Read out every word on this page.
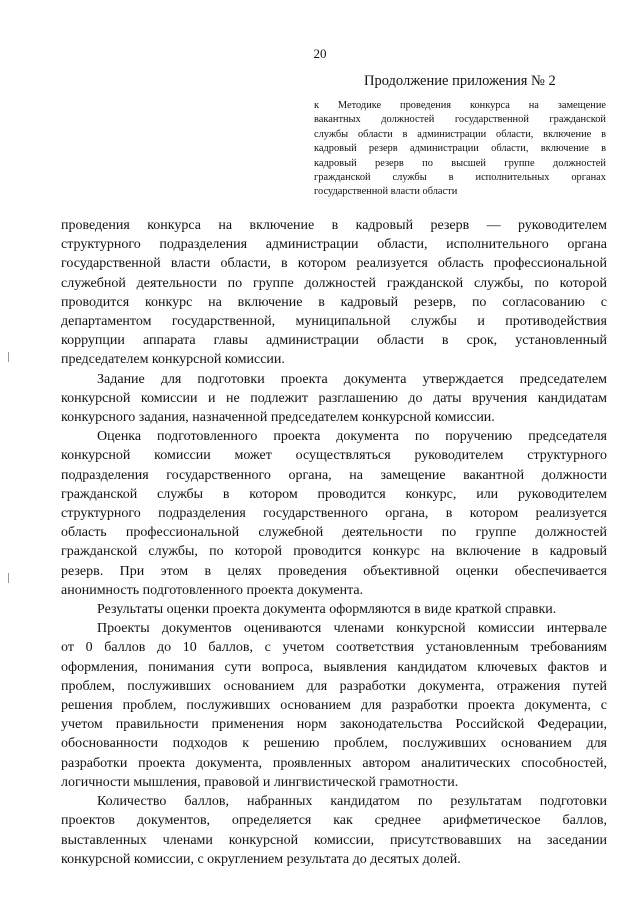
20
Продолжение приложения № 2
к Методике проведения конкурса на замещение
вакантных должностей государственной гражданской
службы области в администрации области, включение в
кадровый резерв администрации области, включение в
кадровый резерв по высшей группе должностей
гражданской службы в исполнительных органах
государственной власти области

проведения конкурса на включение в кадровый резерв — руководителем
структурного подразделения администрации области, исполнительного органа
государственной власти области, в котором реализуется область профессиональной
служебной деятельности по группе должностей гражданской службы, по которой
проводится конкурс на включение в кадровый резерв, по согласованию с
департаментом государственной, муниципальной службы и противодействия
коррупции аппарата главы администрации области в срок, установленный
председателем конкурсной комиссии.

Задание для подготовки проекта документа утверждается председателем
конкурсной комиссии и не подлежит разглашению до даты вручения кандидатам
конкурсного задания, назначенной председателем конкурсной комиссии.

Оценка подготовленного проекта документа по поручению председателя
конкурсной комиссии может осуществляться руководителем структурного
подразделения государственного органа, на замещение вакантной должности
гражданской службы в котором проводится конкурс, или руководителем
структурного подразделения государственного органа, в котором реализуется
область профессиональной служебной деятельности по группе должностей
гражданской службы, по которой проводится конкурс на включение в кадровый
резерв. При этом в целях проведения объективной оценки обеспечивается
анонимность подготовленного проекта документа.

Результаты оценки проекта документа оформляются в виде краткой справки.

Проекты документов оцениваются членами конкурсной комиссии интервале
от 0 баллов до 10 баллов, с учетом соответствия установленным требованиям
оформления, понимания сути вопроса, выявления кандидатом ключевых фактов и
проблем, послуживших основанием для разработки документа, отражения путей
решения проблем, послуживших основанием для разработки проекта документа, с
учетом правильности применения норм законодательства Российской Федерации,
обоснованности подходов к решению проблем, послуживших основанием для
разработки проекта документа, проявленных автором аналитических способностей,
логичности мышления, правовой и лингвистической грамотности.

Количество баллов, набранных кандидатом по результатам подготовки
проектов документов, определяется как среднее арифметическое баллов,
выставленных членами конкурсной комиссии, присутствовавших на заседании
конкурсной комиссии, с округлением результата до десятых долей.
